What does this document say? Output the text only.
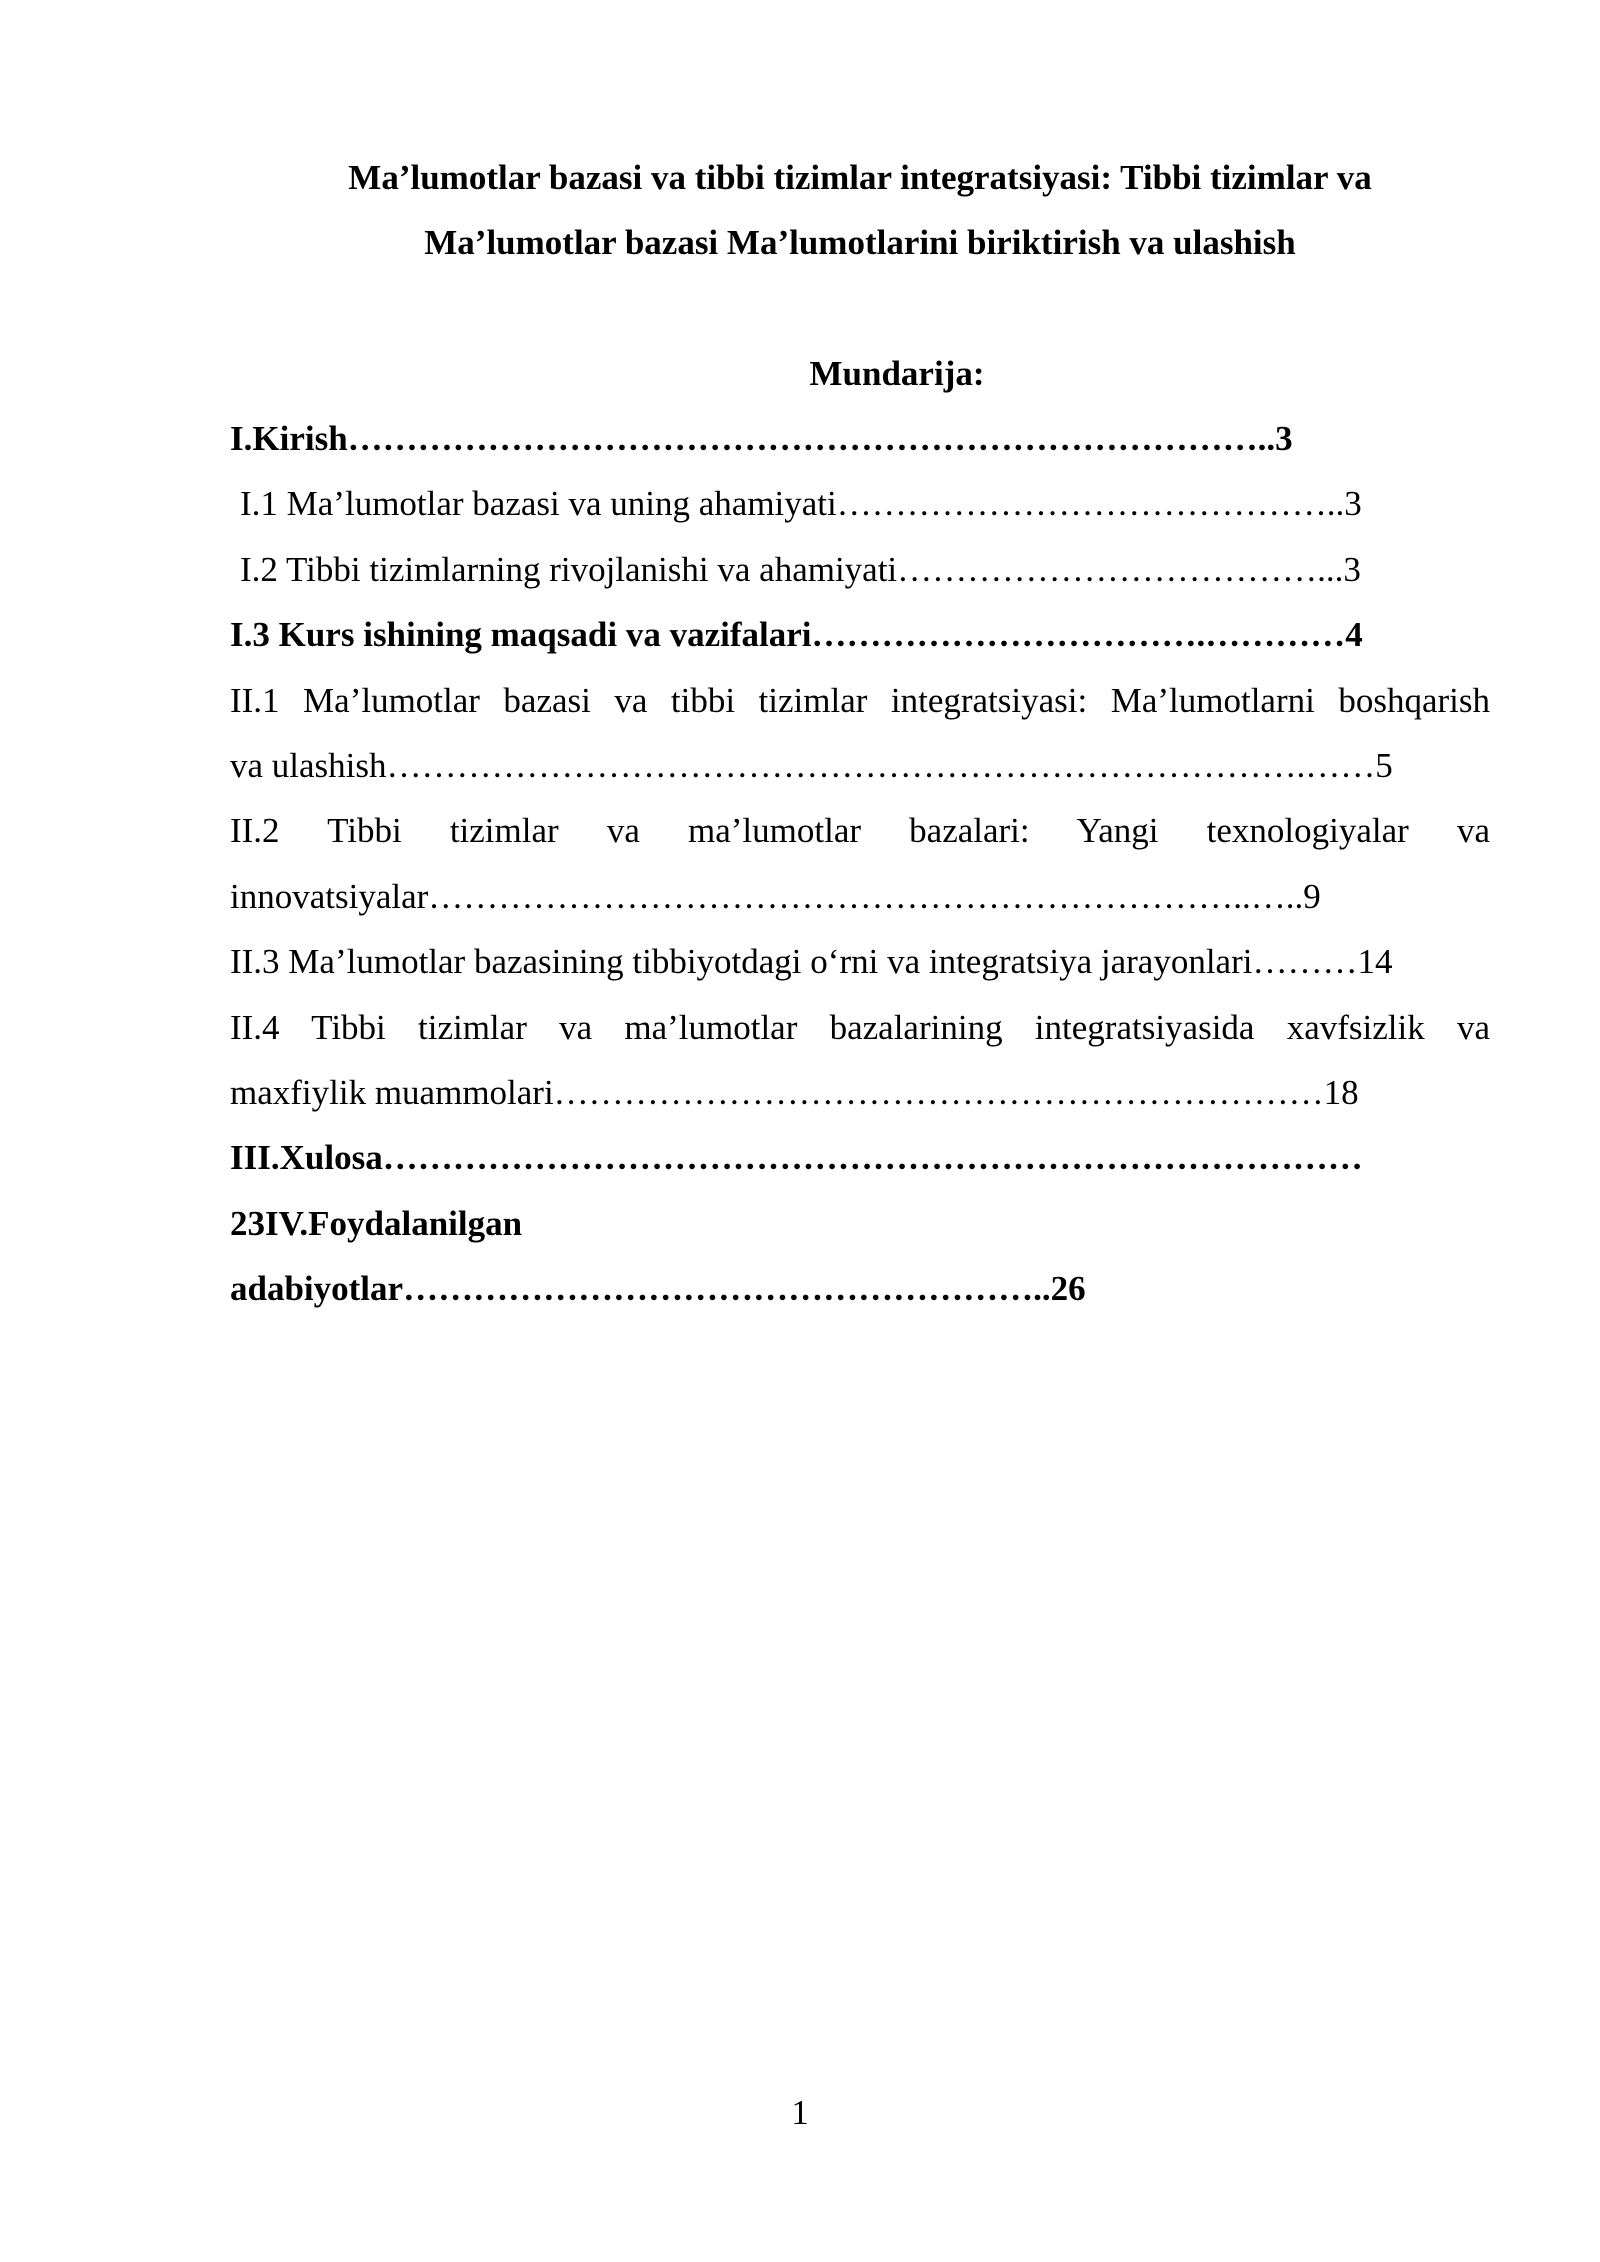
Ma’lumotlar bazasi va tibbi tizimlar integratsiyasi: Tibbi tizimlar va
Ma’lumotlar bazasi Ma’lumotlarini biriktirish va ulashish
Mundarija:
I.Kirish……………………………………………………………………..3
I.1 Ma’lumotlar bazasi va uning ahamiyati……………………………………..3
I.2 Tibbi tizimlarning rivojlanishi va ahamiyati………………………………...3
I.3 Kurs ishining maqsadi va vazifalari…………………………….…………4
II.1 Ma’lumotlar bazasi va tibbi tizimlar integratsiyasi: Ma’lumotlarni boshqarish
va ulashish…………………………………………………………………….……5
II.2 Tibbi tizimlar va ma’lumotlar bazalari: Yangi texnologiyalar va
innovatsiyalar……………………………………………………………..…..9
II.3 Ma’lumotlar bazasining tibbiyotdagi o‘rni va integratsiya jarayonlari………14
II.4 Tibbi tizimlar va ma’lumotlar bazalarining integratsiyasida xavfsizlik va
maxfiylik muammolari…………………………………………………………18
III.Xulosa…………………………………………………………………………
23IV.Foydalanilgan
adabiyotlar………………………………………………..26
1
